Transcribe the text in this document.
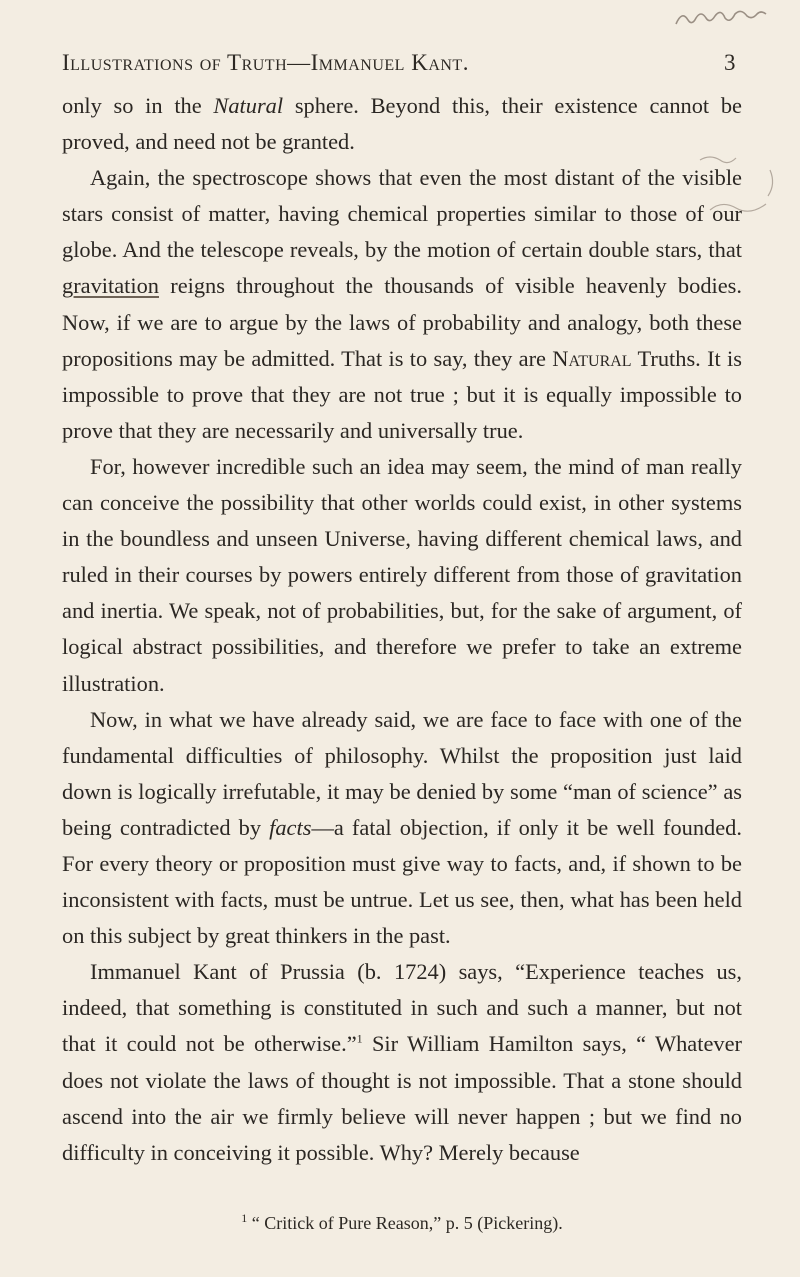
Illustrations of Truth—Immanuel Kant.	3

only so in the Natural sphere. Beyond this, their existence cannot be proved, and need not be granted.

Again, the spectroscope shows that even the most distant of the visible stars consist of matter, having chemical properties similar to those of our globe. And the telescope reveals, by the motion of certain double stars, that gravitation reigns throughout the thousands of visible heavenly bodies. Now, if we are to argue by the laws of probability and analogy, both these propositions may be admitted. That is to say, they are Natural Truths. It is impossible to prove that they are not true ; but it is equally impossible to prove that they are necessarily and universally true.

For, however incredible such an idea may seem, the mind of man really can conceive the possibility that other worlds could exist, in other systems in the boundless and unseen Universe, having different chemical laws, and ruled in their courses by powers entirely different from those of gravitation and inertia. We speak, not of probabilities, but, for the sake of argument, of logical abstract possibilities, and therefore we prefer to take an extreme illustration.

Now, in what we have already said, we are face to face with one of the fundamental difficulties of philosophy. Whilst the proposition just laid down is logically irrefutable, it may be denied by some “man of science” as being contradicted by facts—a fatal objection, if only it be well founded. For every theory or proposition must give way to facts, and, if shown to be inconsistent with facts, must be untrue. Let us see, then, what has been held on this subject by great thinkers in the past.

Immanuel Kant of Prussia (b. 1724) says, “Experience teaches us, indeed, that something is constituted in such and such a manner, but not that it could not be otherwise.”$^1$ Sir William Hamilton says, “ Whatever does not violate the laws of thought is not impossible. That a stone should ascend into the air we firmly believe will never happen ; but we find no difficulty in conceiving it possible. Why? Merely because

$^1$ “ Critick of Pure Reason,” p. 5 (Pickering).
